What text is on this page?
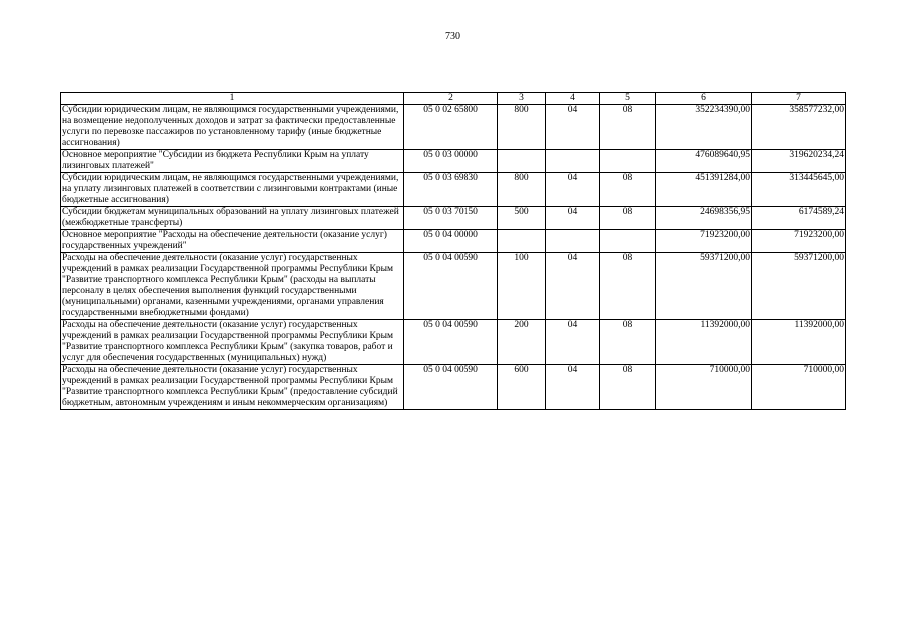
730
1	2	3	4	5	6	7
Субсидии юридическим лицам, не являющимся государственными учреждениями, на возмещение недополученных доходов и затрат за фактически предоставленные услуги по перевозке пассажиров по установленному тарифу (иные бюджетные ассигнования)	05 0 02 65800	800	04	08	352234390,00	358577232,00
Основное мероприятие "Субсидии из бюджета Республики Крым на уплату лизинговых платежей"	05 0 03 00000				476089640,95	319620234,24
Субсидии юридическим лицам, не являющимся государственными учреждениями, на уплату лизинговых платежей в соответствии с лизинговыми контрактами (иные бюджетные ассигнования)	05 0 03 69830	800	04	08	451391284,00	313445645,00
Субсидии бюджетам муниципальных образований на уплату лизинговых платежей (межбюджетные трансферты)	05 0 03 70150	500	04	08	24698356,95	6174589,24
Основное мероприятие "Расходы на обеспечение деятельности (оказание услуг) государственных учреждений"	05 0 04 00000				71923200,00	71923200,00
Расходы на обеспечение деятельности (оказание услуг) государственных учреждений в рамках реализации Государственной программы Республики Крым "Развитие транспортного комплекса Республики Крым" (расходы на выплаты персоналу в целях обеспечения выполнения функций государственными (муниципальными) органами, казенными учреждениями, органами управления государственными внебюджетными фондами)	05 0 04 00590	100	04	08	59371200,00	59371200,00
Расходы на обеспечение деятельности (оказание услуг) государственных учреждений в рамках реализации Государственной программы Республики Крым "Развитие транспортного комплекса Республики Крым" (закупка товаров, работ и услуг для обеспечения государственных (муниципальных) нужд)	05 0 04 00590	200	04	08	11392000,00	11392000,00
Расходы на обеспечение деятельности (оказание услуг) государственных учреждений в рамках реализации Государственной программы Республики Крым "Развитие транспортного комплекса Республики Крым" (предоставление субсидий бюджетным, автономным учреждениям и иным некоммерческим организациям)	05 0 04 00590	600	04	08	710000,00	710000,00
